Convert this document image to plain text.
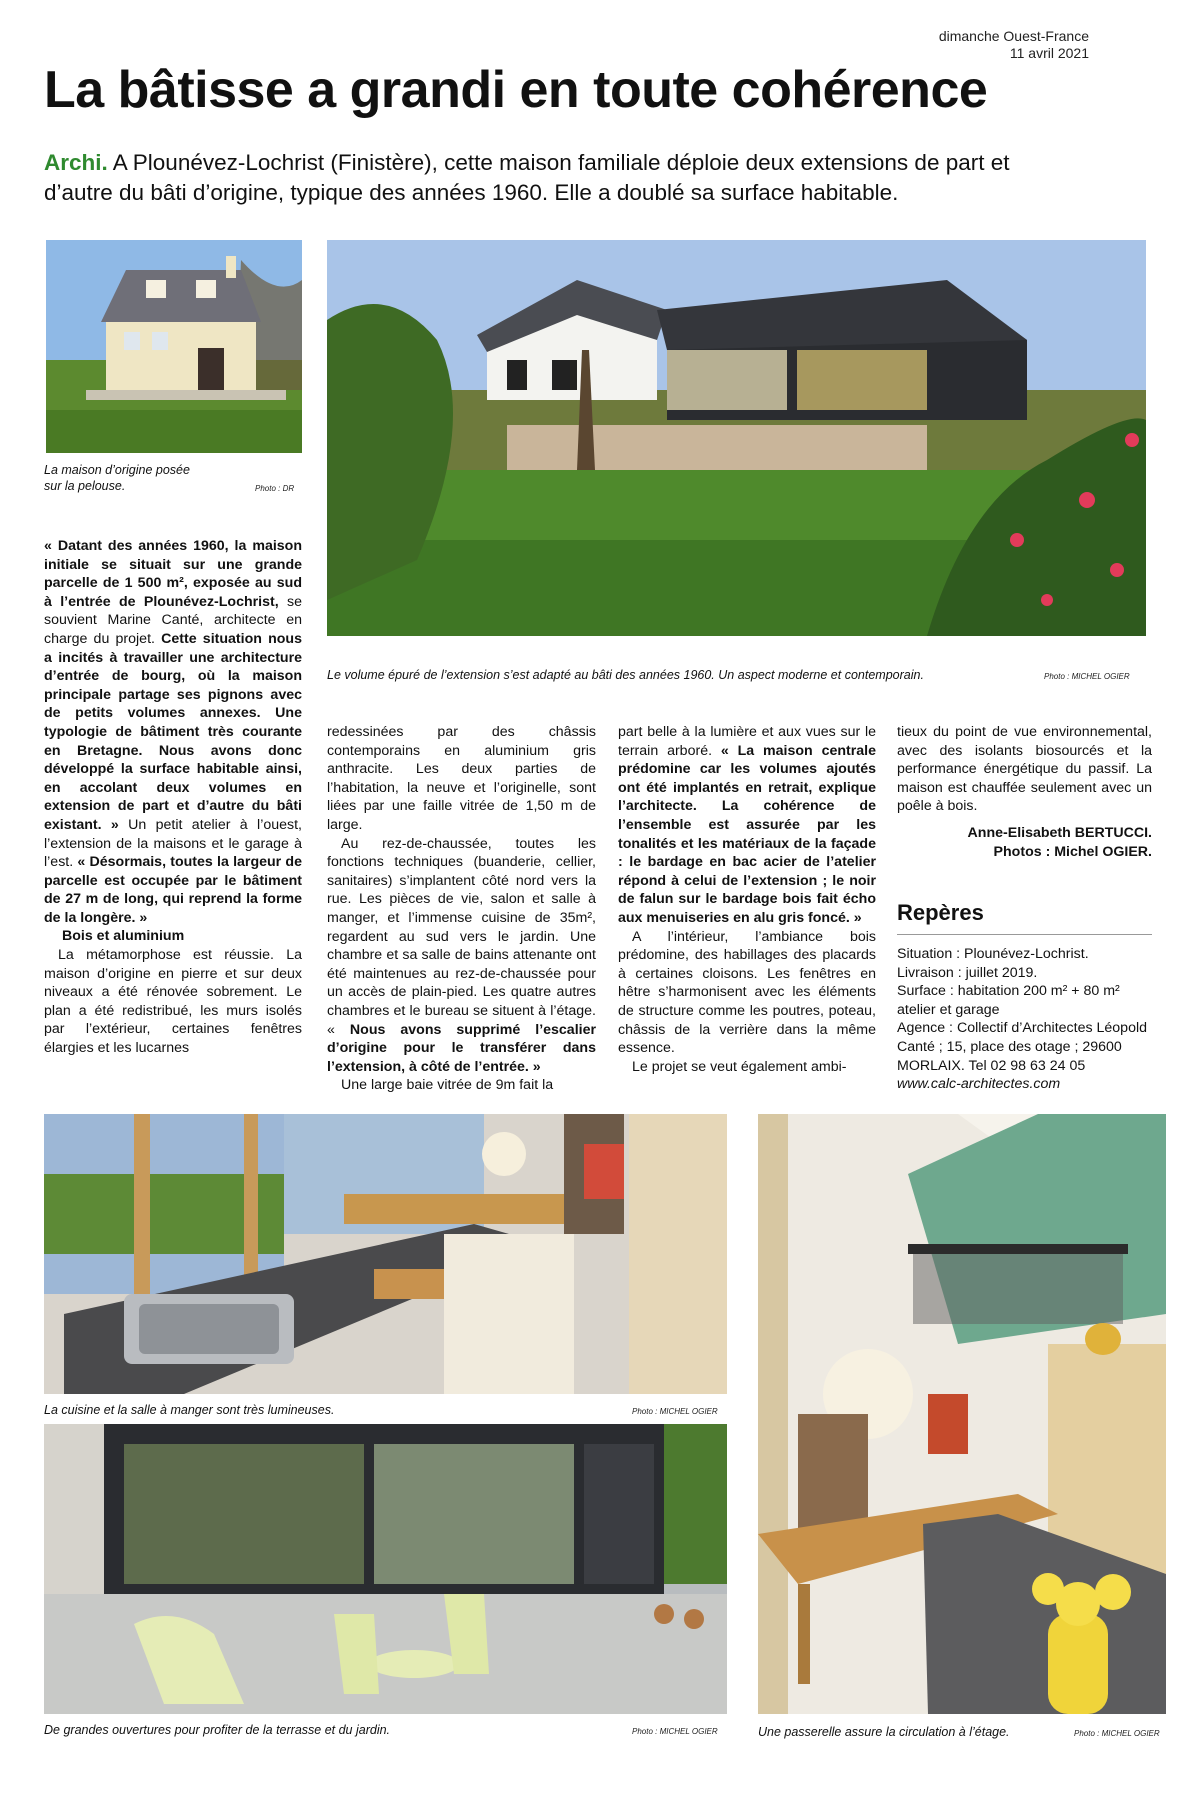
dimanche Ouest-France
11 avril 2021
La bâtisse a grandi en toute cohérence
Archi. A Plounévez-Lochrist (Finistère), cette maison familiale déploie deux extensions de part et d’autre du bâti d’origine, typique des années 1960. Elle a doublé sa surface habitable.
La maison d’origine posée
sur la pelouse.	Photo : DR
Le volume épuré de l’extension s’est adapté au bâti des années 1960. Un aspect moderne et contemporain.	Photo : MICHEL OGIER

« Datant des années 1960, la maison initiale se situait sur une grande parcelle de 1 500 m², exposée au sud à l’entrée de Plounévez-Lochrist, se souvient Marine Canté, architecte en charge du projet. Cette situation nous a incités à travailler une architecture d’entrée de bourg, où la maison principale partage ses pignons avec de petits volumes annexes. Une typologie de bâtiment très courante en Bretagne. Nous avons donc développé la surface habitable ainsi, en accolant deux volumes en extension de part et d’autre du bâti existant. » Un petit atelier à l’ouest, l’extension de la maisons et le garage à l’est. « Désormais, toutes la largeur de parcelle est occupée par le bâtiment de 27 m de long, qui reprend la forme de la longère. »

Bois et aluminium

La métamorphose est réussie. La maison d’origine en pierre et sur deux niveaux a été rénovée sobrement. Le plan a été redistribué, les murs isolés par l’extérieur, certaines fenêtres élargies et les lucarnes

redessinées par des châssis contemporains en aluminium gris anthracite. Les deux parties de l’habitation, la neuve et l’originelle, sont liées par une faille vitrée de 1,50 m de large.

Au rez-de-chaussée, toutes les fonctions techniques (buanderie, cellier, sanitaires) s’implantent côté nord vers la rue. Les pièces de vie, salon et salle à manger, et l’immense cuisine de 35m², regardent au sud vers le jardin. Une chambre et sa salle de bains attenante ont été maintenues au rez-de-chaussée pour un accès de plain-pied. Les quatre autres chambres et le bureau se situent à l’étage. « Nous avons supprimé l’escalier d’origine pour le transférer dans l’extension, à côté de l’entrée. »

Une large baie vitrée de 9m fait la

part belle à la lumière et aux vues sur le terrain arboré. « La maison centrale prédomine car les volumes ajoutés ont été implantés en retrait, explique l’architecte. La cohérence de l’ensemble est assurée par les tonalités et les matériaux de la façade : le bardage en bac acier de l’atelier répond à celui de l’extension ; le noir de falun sur le bardage bois fait écho aux menuiseries en alu gris foncé. »

A l’intérieur, l’ambiance bois prédomine, des habillages des placards à certaines cloisons. Les fenêtres en hêtre s’harmonisent avec les éléments de structure comme les poutres, poteau, châssis de la verrière dans la même essence.

Le projet se veut également ambi-

tieux du point de vue environnemental, avec des isolants biosourcés et la performance énergétique du passif. La maison est chauffée seulement avec un poêle à bois.

Anne-Elisabeth BERTUCCI.
Photos : Michel OGIER.
Repères
Situation : Plounévez-Lochrist.
Livraison : juillet 2019.
Surface : habitation 200 m² + 80 m² atelier et garage
Agence : Collectif d’Architectes Léopold Canté ; 15, place des otage ; 29600 MORLAIX. Tel 02 98 63 24 05
www.calc-architectes.com
La cuisine et la salle à manger sont très lumineuses.	Photo : MICHEL OGIER
De grandes ouvertures pour profiter de la terrasse et du jardin.	Photo : MICHEL OGIER	Une passerelle assure la circulation à l’étage.	Photo : MICHEL OGIER
